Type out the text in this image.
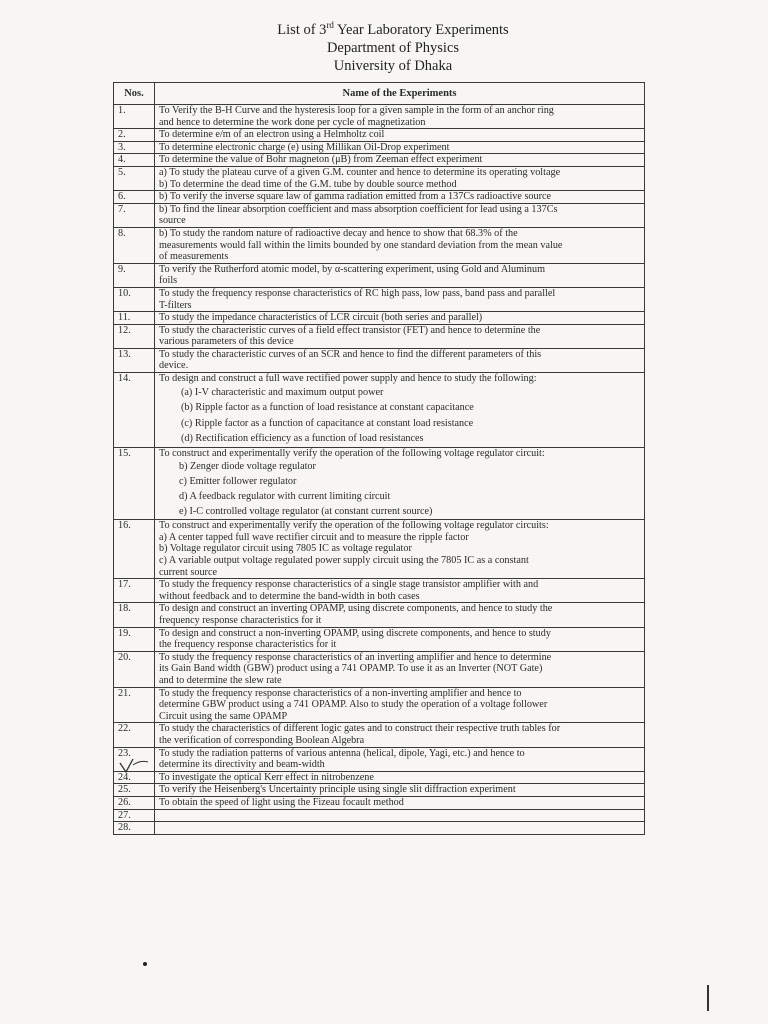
List of 3rd Year Laboratory Experiments
Department of Physics
University of Dhaka
Nos.	Name of the Experiments
1.	To Verify the B-H Curve and the hysteresis loop for a given sample in the form of an anchor ring
and hence to determine the work done per cycle of magnetization

2.	To determine e/m of an electron using a Helmholtz coil

3.	To determine electronic charge (e) using Millikan Oil-Drop experiment

4.	To determine the value of Bohr magneton (μB) from Zeeman effect experiment

5.	a) To study the plateau curve of a given G.M. counter and hence to determine its operating voltage
b) To determine the dead time of the G.M. tube by double source method

6.	b) To verify the inverse square law of gamma radiation emitted from a 137Cs radioactive source

7.	b) To find the linear absorption coefficient and mass absorption coefficient for lead using a 137Cs
source

8.	b) To study the random nature of radioactive decay and hence to show that 68.3% of the
measurements would fall within the limits bounded by one standard deviation from the mean value
of measurements

9.	To verify the Rutherford atomic model, by α-scattering experiment, using Gold and Aluminum
foils

10.	To study the frequency response characteristics of RC high pass, low pass, band pass and parallel
T-filters

11.	To study the impedance characteristics of LCR circuit (both series and parallel)

12.	To study the characteristic curves of a field effect transistor (FET) and hence to determine the
various parameters of this device

13.	To study the characteristic curves of an SCR and hence to find the different parameters of this
device.

14.	To design and construct a full wave rectified power supply and hence to study the following:
(a) I-V characteristic and maximum output power
(b) Ripple factor as a function of load resistance at constant capacitance
(c) Ripple factor as a function of capacitance at constant load resistance
(d) Rectification efficiency as a function of load resistances

15.	To construct and experimentally verify the operation of the following voltage regulator circuit:
b) Zenger diode voltage regulator
c) Emitter follower regulator
d) A feedback regulator with current limiting circuit
e) I-C controlled voltage regulator (at constant current source)

16.	To construct and experimentally verify the operation of the following voltage regulator circuits:
a) A center tapped full wave rectifier circuit and to measure the ripple factor
b) Voltage regulator circuit using 7805 IC as voltage regulator
c) A variable output voltage regulated power supply circuit using the 7805 IC as a constant
current source

17.	To study the frequency response characteristics of a single stage transistor amplifier with and
without feedback and to determine the band-width in both cases

18.	To design and construct an inverting OPAMP, using discrete components, and hence to study the
frequency response characteristics for it

19.	To design and construct a non-inverting OPAMP, using discrete components, and hence to study
the frequency response characteristics for it

20.	To study the frequency response characteristics of an inverting amplifier and hence to determine
its Gain Band width (GBW) product using a 741 OPAMP. To use it as an Inverter (NOT Gate)
and to determine the slew rate

21.	To study the frequency response characteristics of a non-inverting amplifier and hence to
determine GBW product using a 741 OPAMP. Also to study the operation of a voltage follower
Circuit using the same OPAMP

22.	To study the characteristics of different logic gates and to construct their respective truth tables for
the verification of corresponding Boolean Algebra

23.	To study the radiation patterns of various antenna (helical, dipole, Yagi, etc.) and hence to
determine its directivity and beam-width

24.	To investigate the optical Kerr effect in nitrobenzene

25.	To verify the Heisenberg's Uncertainty principle using single slit diffraction experiment

26.	To obtain the speed of light using the Fizeau focault method

27.	

28.	
